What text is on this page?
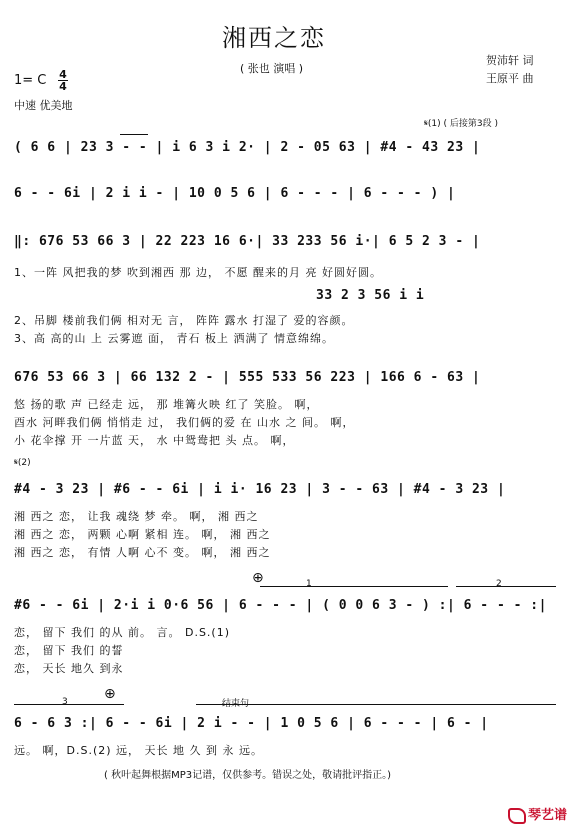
湘西之恋
( 张也 演唱 )
贺沛轩 词
王原平 曲
1= C 4
4
中速 优美地
𝄋(1) ( 后接第3段 )
( 6 6 | 23 3 - - | i 6 3 i 2· | 2 - 05 63 | #4 - 43 23 |
6 - - 6i | 2 i i - | 10 0 5 6 | 6 - - - | 6 - - - ) |
‖: 676 53 66 3 | 22 223 16 6·| 33 233 56 i·| 6 5 2 3 - |
1、一阵 风把我的梦 吹到湘西 那 边， 不愿 醒来的月 亮 好圆好圆。
33 2 3 56 i i
2、吊脚 楼前我们俩 相对无 言， 阵阵 露水 打湿了 爱的容颜。
3、高 高的山 上 云雾遮 面， 青石 板上 洒满了 情意绵绵。
676 53 66 3 | 66 132 2 - | 555 533 56 223 | 166 6 - 63 |
悠 扬的歌 声 已经走 远， 那 堆篝火映 红了 笑脸。 啊，
酉水 河畔我们俩 悄悄走 过， 我们俩的爱 在 山水 之 间。 啊，
小 花伞撑 开 一片蓝 天， 水 中鸳鸯把 头 点。 啊，
𝄋(2)
#4 - 3 23 | #6 - - 6i | i i· 16 23 | 3 - - 63 | #4 - 3 23 |
湘 西之 恋， 让我 魂绕 梦 牵。 啊， 湘 西之
湘 西之 恋， 两颗 心啊 紧相 连。 啊， 湘 西之
湘 西之 恋， 有情 人啊 心不 变。 啊， 湘 西之
⊕	1	2
#6 - - 6i | 2·i i 0·6 56 | 6 - - - | ( 0 0 6 3 - ) :| 6 - - - :|
恋， 留下 我们 的从 前。 言。 D.S.(1)
恋， 留下 我们 的誓
恋， 天长 地久 到永
3	⊕
结束句
6 - 6 3 :| 6 - - 6i | 2 i - - | 1 0 5 6 | 6 - - - | 6 - |
远。 啊，D.S.(2) 远， 天长 地 久 到 永 远。
( 秋叶起舞根据MP3记谱，仅供参考。错误之处，敬请批评指正。)
琴艺谱
